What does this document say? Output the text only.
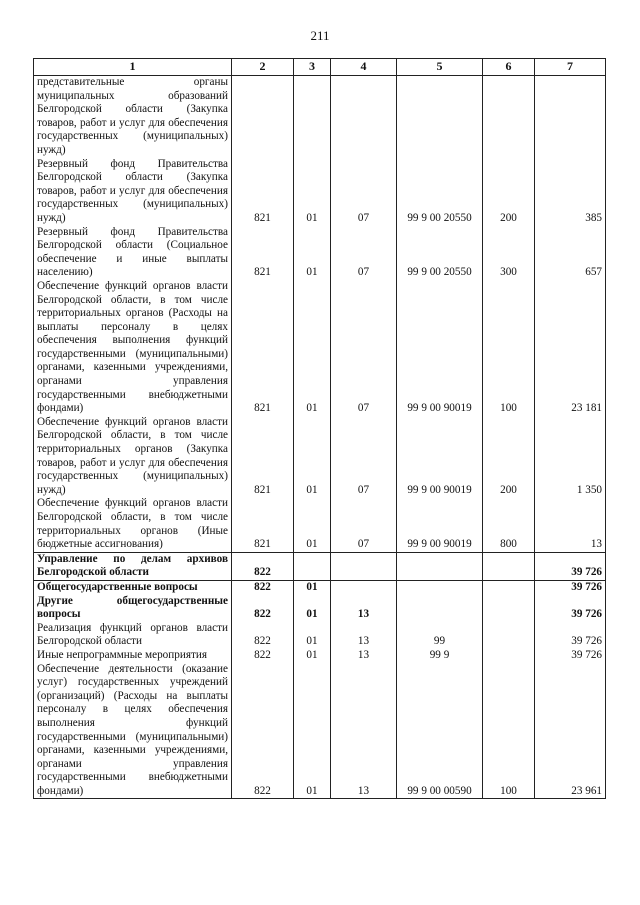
211
1	2	3	4	5	6	7
представительные органы муниципальных образований Белгородской области (Закупка товаров, работ и услуг для обеспечения государственных (муниципальных) нужд)						
Резервный фонд Правительства Белгородской области (Закупка товаров, работ и услуг для обеспечения государственных (муниципальных) нужд)	821	01	07	99 9 00 20550	200	385
Резервный фонд Правительства Белгородской области (Социальное обеспечение и иные выплаты населению)	821	01	07	99 9 00 20550	300	657
Обеспечение функций органов власти Белгородской области, в том числе территориальных органов (Расходы на выплаты персоналу в целях обеспечения выполнения функций государственными (муниципальными) органами, казенными учреждениями, органами управления государственными внебюджетными фондами)	821	01	07	99 9 00 90019	100	23 181
Обеспечение функций органов власти Белгородской области, в том числе территориальных органов (Закупка товаров, работ и услуг для обеспечения государственных (муниципальных) нужд)	821	01	07	99 9 00 90019	200	1 350
Обеспечение функций органов власти Белгородской области, в том числе территориальных органов (Иные бюджетные ассигнования)	821	01	07	99 9 00 90019	800	13
Управление по делам архивов Белгородской области	822					39 726
Общегосударственные вопросы	822	01				39 726
Другие общегосударственные вопросы	822	01	13			39 726
Реализация функций органов власти Белгородской области	822	01	13	99		39 726
Иные непрограммные мероприятия	822	01	13	99 9		39 726
Обеспечение деятельности (оказание услуг) государственных учреждений (организаций) (Расходы на выплаты персоналу в целях обеспечения выполнения функций государственными (муниципальными) органами, казенными учреждениями, органами управления государственными внебюджетными фондами)	822	01	13	99 9 00 00590	100	23 961
